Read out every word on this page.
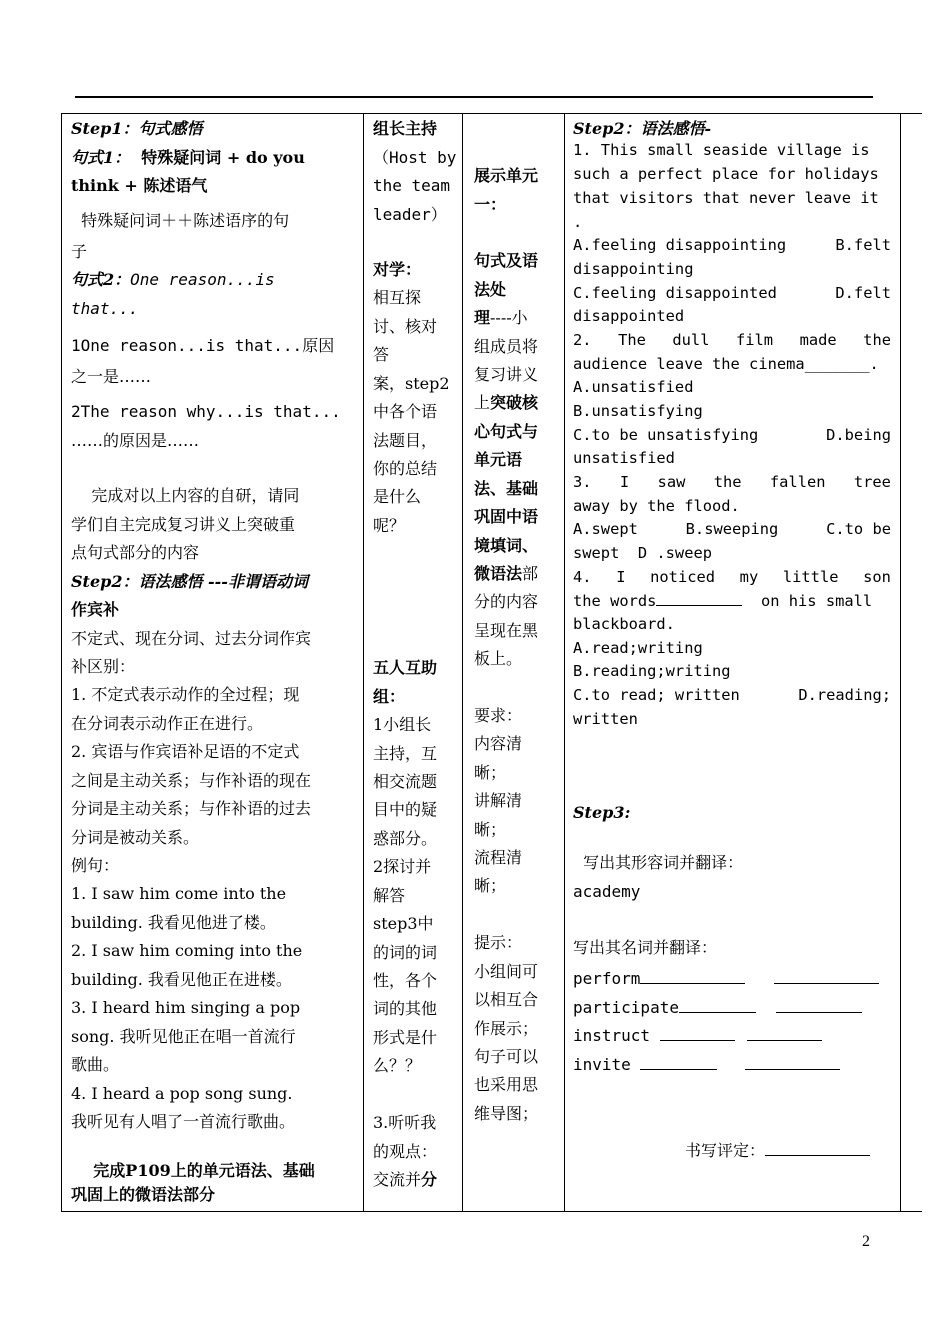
Step1：句式感悟
句式1：  特殊疑问词 + do you
think + 陈述语气
特殊疑问词＋＋陈述语序的句
子
句式2：One reason...is
that...
1One reason...is that...原因
之一是……
2The reason why...is that...
……的原因是……
完成对以上内容的自研，请同
学们自主完成复习讲义上突破重
点句式部分的内容
Step2：语法感悟 ---非谓语动词
作宾补
不定式、现在分词、过去分词作宾
补区别：
1. 不定式表示动作的全过程；现
在分词表示动作正在进行。
2. 宾语与作宾语补足语的不定式
之间是主动关系；与作补语的现在
分词是主动关系；与作补语的过去
分词是被动关系。
例句：
1. I saw him come into the
building. 我看见他进了楼。
2. I saw him coming into the
building. 我看见他正在进楼。
3. I heard him singing a pop
song. 我听见他正在唱一首流行
歌曲。
4. I heard a pop song sung.
我听见有人唱了一首流行歌曲。
完成P109上的单元语法、基础
巩固上的微语法部分
组长主持
（Host by
the team
leader）
对学：
相互探
讨、核对
答
案，step2
中各个语
法题目，
你的总结
是什么
呢？
五人互助
组：
1小组长
主持，互
相交流题
目中的疑
惑部分。
2探讨并
解答
step3中
的词的词
性，各个
词的其他
形式是什
么？？
3.听听我
的观点：
交流并分
展示单元
一：
句式及语
法处
理----小
组成员将
复习讲义
上突破核
心句式与
单元语
法、基础
巩固中语
境填词、
微语法部
分的内容
呈现在黑
板上。
要求：
内容清
晰；
讲解清
晰；
流程清
晰；
提示：
小组间可
以相互合
作展示；
句子可以
也采用思
维导图；
Step2：语法感悟-
1. This small seaside village is
such a perfect place for holidays
that visitors that never leave it
.
A.feeling disappointing	B.felt
disappointing
C.feeling disappointed	D.felt
disappointed
2. The dull film made the
audience leave the cinema_______.
A.unsatisfied
B.unsatisfying
C.to be unsatisfying	D.being
unsatisfied
3. I saw the fallen tree
away by the flood.
A.swept	B.sweeping	C.to be
swept  D .sweep
4. I noticed my little son
the words	on his small
blackboard.
A.read;writing
B.reading;writing
C.to read; written	D.reading;
written
Step3:
写出其形容词并翻译：
academy
写出其名词并翻译：
perform
participate
instruct
invite
书写评定：
2
